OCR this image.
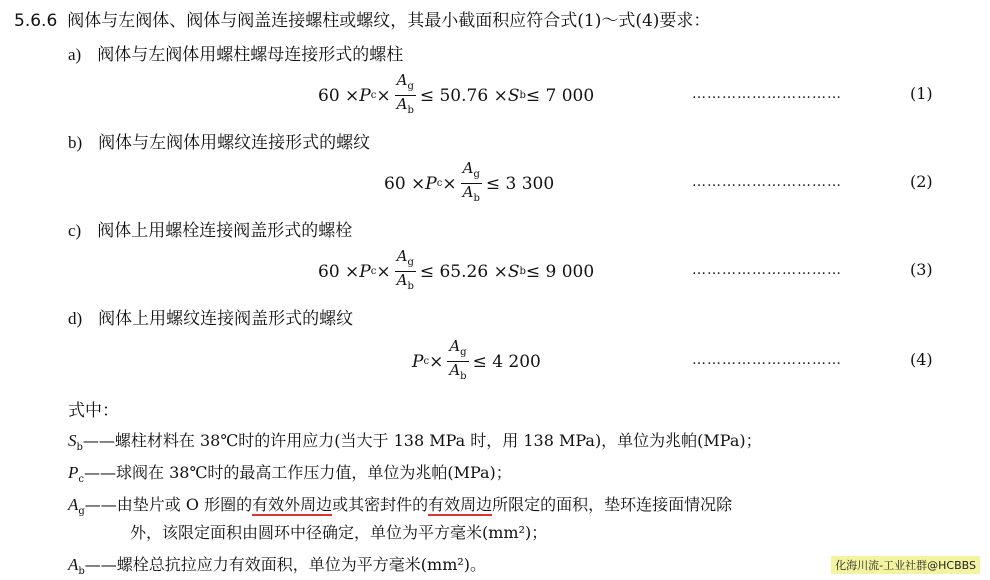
5.6.6 阀体与左阀体、阀体与阀盖连接螺柱或螺纹，其最小截面积应符合式(1)～式(4)要求：
a) 阀体与左阀体用螺柱螺母连接形式的螺柱
60 × P $c \times \frac{A_g}{A_b} \le 50.76 \times S$ b ≤ 7 000	…………………………	(1)
b) 阀体与左阀体用螺纹连接形式的螺纹
60 × P $c \times \frac{A_g}{A_b} \le 3$ 300	…………………………	(2)
c) 阀体上用螺栓连接阀盖形式的螺栓
60 × P $c \times \frac{A_g}{A_b} \le 65.26 \times S$ b ≤ 9 000	…………………………	(3)
d) 阀体上用螺纹连接阀盖形式的螺纹
P $c \times \frac{A_g}{A_b} \le 4$ 200	…………………………	(4)
式中：
$S_b——$螺柱材料在 38℃时的许用应力(当大于 138 MPa 时，用 138 MPa)，单位为兆帕(MPa)；
$P_c——$球阀在 38℃时的最高工作压力值，单位为兆帕(MPa)；
$A_g——$由垫片或 O 形圈的有效外周边或其密封件的有效周边所限定的面积，垫环连接面情况除
外，该限定面积由圆环中径确定，单位为平方毫米(mm²)；
$A_b——$螺栓总抗拉应力有效面积，单位为平方毫米(mm²)。	化海川流-工业社群@HCBBS
